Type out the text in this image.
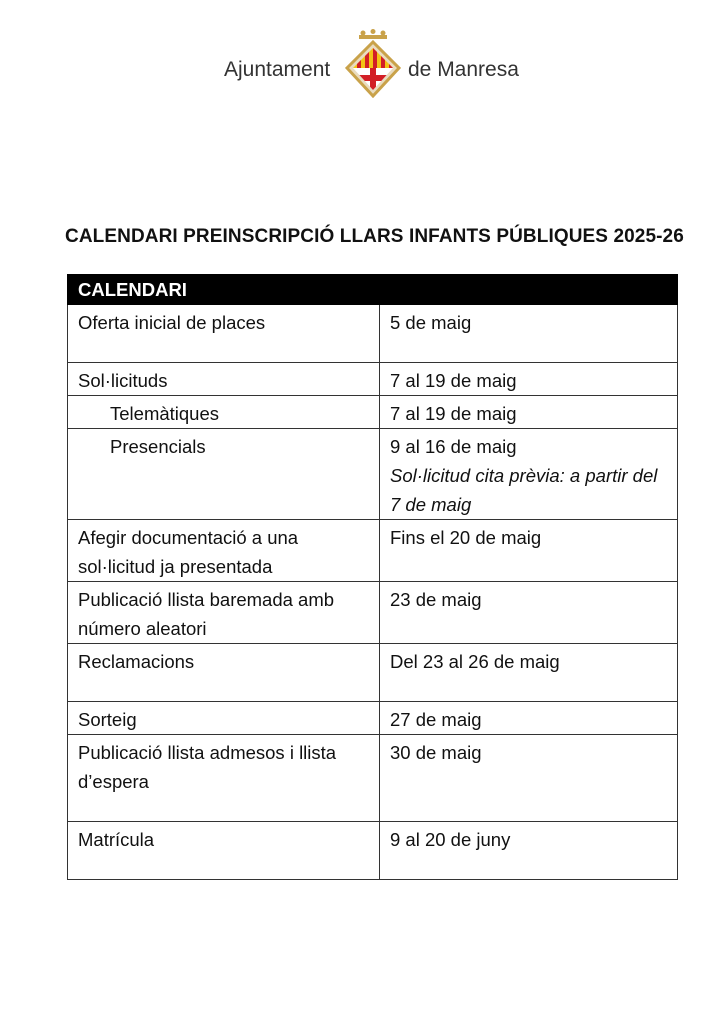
Ajuntament	de Manresa
CALENDARI PREINSCRIPCIÓ LLARS INFANTS PÚBLIQUES 2025-26
CALENDARI	
Oferta inicial de places	5 de maig
Sol·licituds	7 al 19 de maig
Telemàtiques	7 al 19 de maig
Presencials	9 al 16 de maig
Sol·licitud cita prèvia: a partir del 7 de maig

Afegir documentació a una sol·licitud ja presentada	Fins el 20 de maig
Publicació llista baremada amb número aleatori	23 de maig
Reclamacions	Del 23 al 26 de maig
Sorteig	27 de maig
Publicació llista admesos i llista d’espera	30 de maig
Matrícula	9 al 20 de juny
